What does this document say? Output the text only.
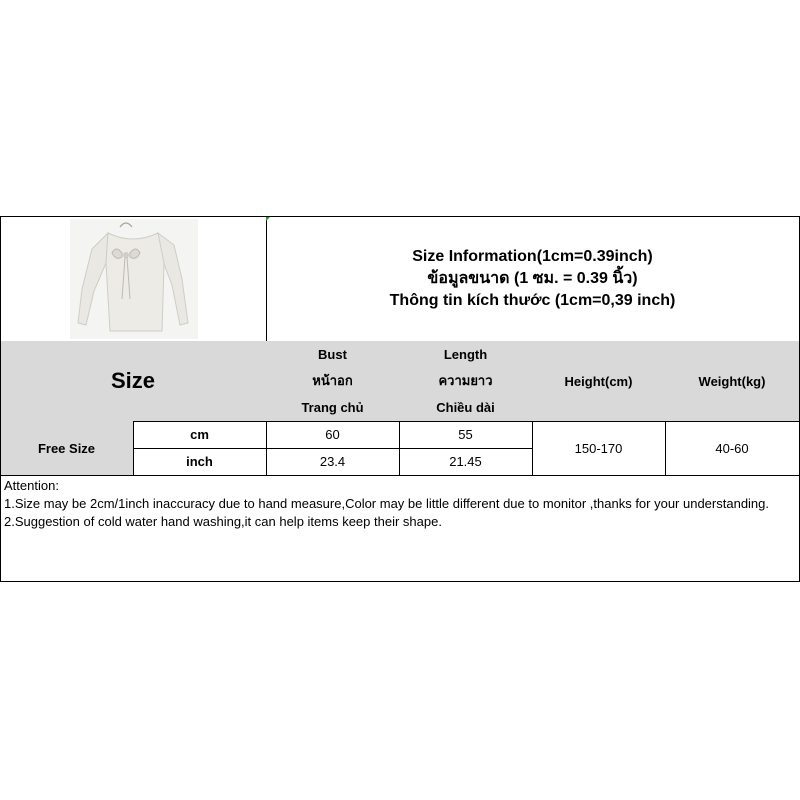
Size Information(1cm=0.39inch)
ข้อมูลขนาด (1 ซม. = 0.39 นิ้ว)
Thông tin kích thước (1cm=0,39 inch)
Size
Bust
หน้าอก
Trang chủ
Length
ความยาว
Chiều dài
Height(cm)	Weight(kg)
Free Size
cm
inch
60
23.4
55
21.45
150-170	40-60
Attention:
1.Size may be 2cm/1inch inaccuracy due to hand measure,Color may be little different due to monitor ,thanks for your understanding.
2.Suggestion of cold water hand washing,it can help items keep their shape.
